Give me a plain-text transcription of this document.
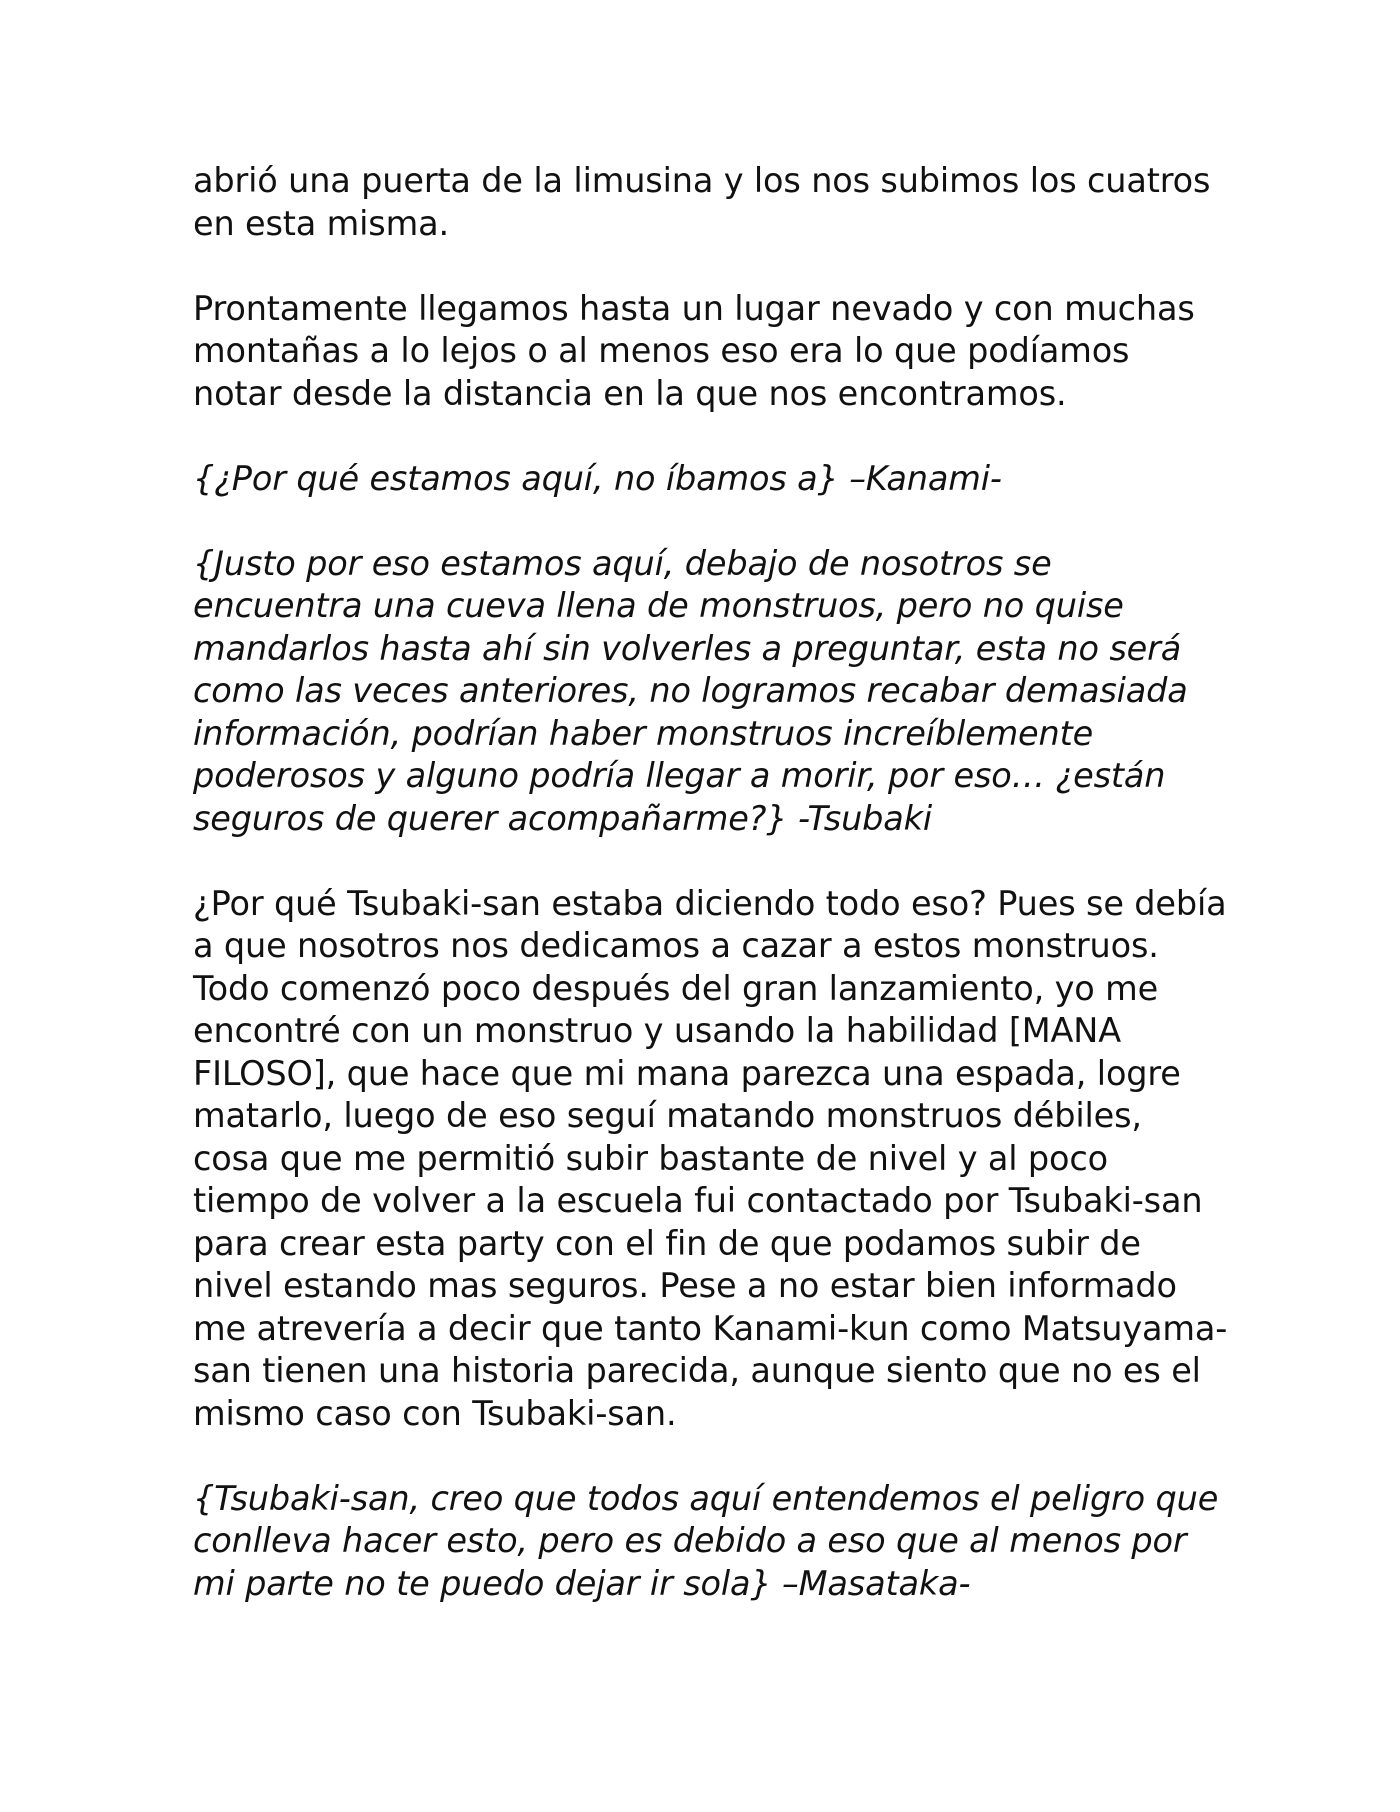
abrió una puerta de la limusina y los nos subimos los cuatros en esta misma.

Prontamente llegamos hasta un lugar nevado y con muchas montañas a lo lejos o al menos eso era lo que podíamos notar desde la distancia en la que nos encontramos.

{¿Por qué estamos aquí, no íbamos a} –Kanami-

{Justo por eso estamos aquí, debajo de nosotros se encuentra una cueva llena de monstruos, pero no quise mandarlos hasta ahí sin volverles a preguntar, esta no será como las veces anteriores, no logramos recabar demasiada información, podrían haber monstruos increíblemente poderosos y alguno podría llegar a morir, por eso… ¿están seguros de querer acompañarme?} -Tsubaki

¿Por qué Tsubaki-san estaba diciendo todo eso? Pues se debía a que nosotros nos dedicamos a cazar a estos monstruos. Todo comenzó poco después del gran lanzamiento, yo me encontré con un monstruo y usando la habilidad [MANA FILOSO], que hace que mi mana parezca una espada, logre matarlo, luego de eso seguí matando monstruos débiles, cosa que me permitió subir bastante de nivel y al poco tiempo de volver a la escuela fui contactado por Tsubaki-san para crear esta party con el fin de que podamos subir de nivel estando mas seguros. Pese a no estar bien informado me atrevería a decir que tanto Kanami-kun como Matsuyama-san tienen una historia parecida, aunque siento que no es el mismo caso con Tsubaki-san.

{Tsubaki-san, creo que todos aquí entendemos el peligro que conlleva hacer esto, pero es debido a eso que al menos por mi parte no te puedo dejar ir sola} –Masataka-
